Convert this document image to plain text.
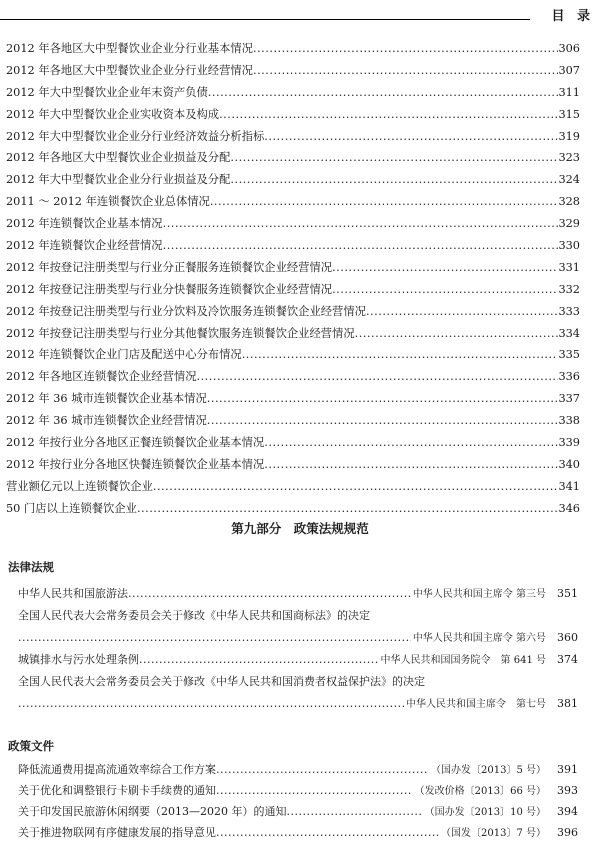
目 录
2012 年各地区大中型餐饮业企业分行业基本情况 .....	306
2012 年各地区大中型餐饮业企业分行业经营情况 .....	307
2012 年大中型餐饮业企业年末资产负债 .....	311
2012 年大中型餐饮业企业实收资本及构成 .....	315
2012 年大中型餐饮业企业分行业经济效益分析指标 .....	319
2012 年各地区大中型餐饮业企业损益及分配 .....	323
2012 年大中型餐饮业企业分行业损益及分配 .....	324
2011 ～ 2012 年连锁餐饮企业总体情况 .....	328
2012 年连锁餐饮企业基本情况 .....	329
2012 年连锁餐饮企业经营情况 .....	330
2012 年按登记注册类型与行业分正餐服务连锁餐饮企业经营情况 .....	331
2012 年按登记注册类型与行业分快餐服务连锁餐饮企业经营情况 .....	332
2012 年按登记注册类型与行业分饮料及冷饮服务连锁餐饮企业经营情况 .....	333
2012 年按登记注册类型与行业分其他餐饮服务连锁餐饮企业经营情况 .....	334
2012 年连锁餐饮企业门店及配送中心分布情况 .....	335
2012 年各地区连锁餐饮企业经营情况 .....	336
2012 年 36 城市连锁餐饮企业基本情况 .....	337
2012 年 36 城市连锁餐饮企业经营情况 .....	338
2012 年按行业分各地区正餐连锁餐饮企业基本情况 .....	339
2012 年按行业分各地区快餐连锁餐饮企业基本情况 .....	340
营业额亿元以上连锁餐饮企业 .....	341
50 门店以上连锁餐饮企业 .....	346
第九部分　政策法规规范
法律法规
中华人民共和国旅游法 .....	中华人民共和国主席令 第三号	351
全国人民代表大会常务委员会关于修改《中华人民共和国商标法》的决定
.....
中华人民共和国主席令 第六号	360
城镇排水与污水处理条例 .....	中华人民共和国国务院令　第 641 号	374
全国人民代表大会常务委员会关于修改《中华人民共和国消费者权益保护法》的决定
.....
中华人民共和国主席令　第七号	381
政策文件
降低流通费用提高流通效率综合工作方案 .....	（国办发〔2013〕5 号）	391
关于优化和调整银行卡刷卡手续费的通知 .....	（发改价格〔2013〕66 号）	393
关于印发国民旅游休闲纲要（2013—2020 年）的通知 .....	（国办发〔2013〕10 号）	394
关于推进物联网有序健康发展的指导意见 .....	（国发〔2013〕7 号）	396
